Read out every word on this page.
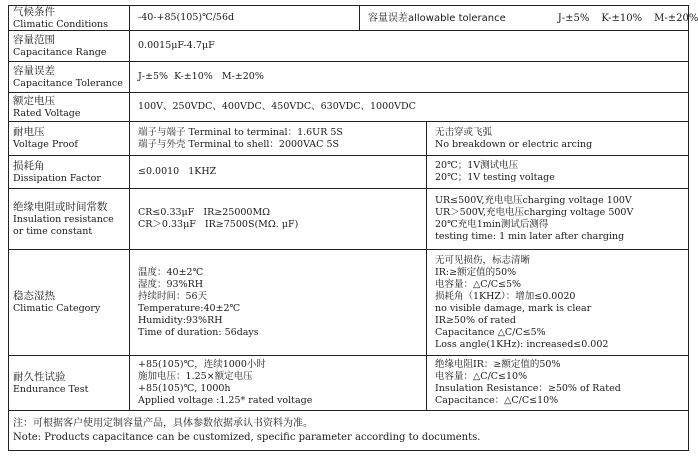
气候条件
Climatic Conditions
-40-+85(105)℃/56d	容量误差allowable tolerance	J-±5% K-±10% M-±20%
容量范围
Capacitance Range
0.0015μF-4.7μF
容量误差
Capacitance Tolerance
J-±5%  K-±10%   M-±20%
额定电压
Rated Voltage
100V、250VDC、400VDC、450VDC、630VDC、1000VDC
耐电压
Voltage Proof
端子与端子 Terminal to terminal：1.6UR 5S
端子与外壳 Terminal to shell：2000VAC 5S
无击穿或飞弧
No breakdown or electric arcing
损耗角
Dissipation Factor
≤0.0010   1KHZ
20℃；1V测试电压
20℃；1V testing voltage
绝缘电阻或时间常数
Insulation resistance or time constant
CR≤0.33μF   IR≥25000MΩ
CR＞0.33μF   IR≥7500S(MΩ. μF)
UR≤500V,充电电压charging voltage 100V
UR＞500V,充电电压charging voltage 500V
20℃充电1min测试后测得
testing time: 1 min later after charging
稳态湿热
Climatic Category
温度：40±2℃
湿度：93%RH
持续时间：56天
Temperature:40±2℃
Humidity:93%RH
Time of duration: 56days
无可见损伤，标志清晰
IR:≥额定值的50%
电容量：△C/C≤5%
损耗角（1KHZ）：增加≤0.0020
no visible damage, mark is clear
IR≥50% of rated
Capacitance △C/C≤5%
Loss angle(1KHz): increased≤0.002
耐久性试验
Endurance Test
+85(105)℃，连续1000小时
施加电压：1.25×额定电压
+85(105)℃, 1000h
Applied voltage :1.25* rated voltage
绝缘电阻IR：≥额定值的50%
电容量：△C/C≤10%
Insulation Resistance：≥50% of Rated
Capacitance：△C/C≤10%
注：可根据客户使用定制容量产品，具体参数依据承认书资料为准。
Note: Products capacitance can be customized, specific parameter according to documents.
